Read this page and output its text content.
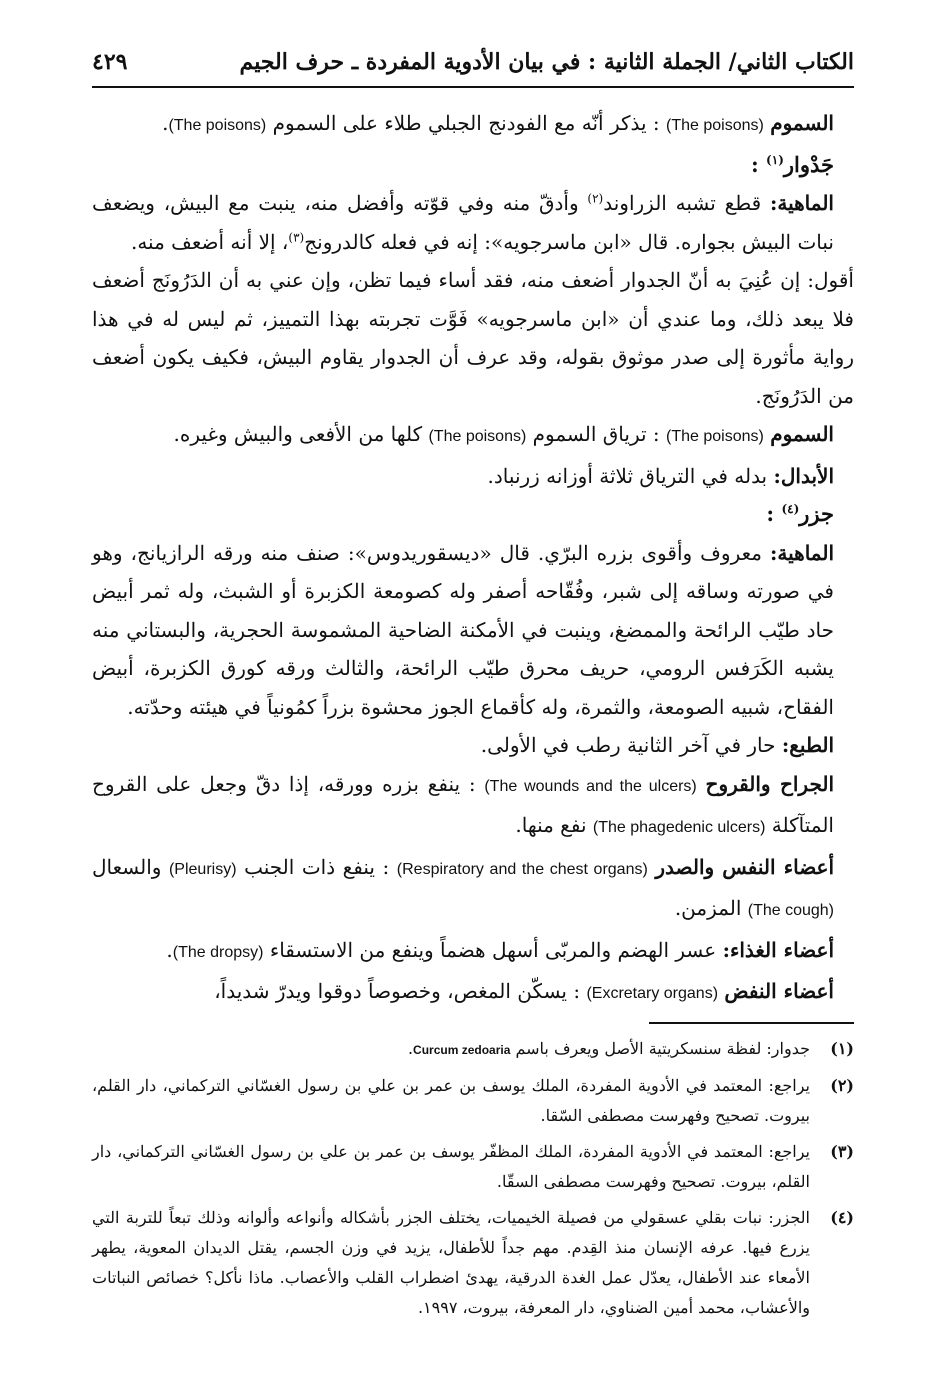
٤٢٩	الكتاب الثاني/ الجملة الثانية : في بيان الأدوية المفردة ـ حرف الجيم

السموم (The poisons) : يذكر أنّه مع الفودنج الجبلي طلاء على السموم (The poisons).

جَدْوار$^{(١)}$ :

الماهية: قطع تشبه الزراوند$^{(٢)}$ وأدقّ منه وفي قوّته وأفضل منه، ينبت مع البيش، ويضعف نبات البيش بجواره. قال «ابن ماسرجويه»: إنه في فعله كالدرونج$^{(٣)}$، إلا أنه أضعف منه.

أقول: إن عُنِيَ به أنّ الجدوار أضعف منه، فقد أساء فيما تظن، وإن عني به أن الدَرُونَج أضعف فلا يبعد ذلك، وما عندي أن «ابن ماسرجويه» فَوَّت تجربته بهذا التمييز، ثم ليس له في هذا رواية مأثورة إلى صدر موثوق بقوله، وقد عرف أن الجدوار يقاوم البيش، فكيف يكون أضعف من الدَرُونَج.

السموم (The poisons) : ترياق السموم (The poisons) كلها من الأفعى والبيش وغيره.

الأبدال: بدله في الترياق ثلاثة أوزانه زرنباد.

جزر$^{(٤)}$ :

الماهية: معروف وأقوى بزره البرّي. قال «ديسقوريدوس»: صنف منه ورقه الرازيانج، وهو في صورته وساقه إلى شبر، وفُقّاحه أصفر وله كصومعة الكزبرة أو الشبث، وله ثمر أبيض حاد طيّب الرائحة والممضغ، وينبت في الأمكنة الضاحية المشموسة الحجرية، والبستاني منه يشبه الكَرَفس الرومي، حريف محرق طيّب الرائحة، والثالث ورقه كورق الكزبرة، أبيض الفقاح، شبيه الصومعة، والثمرة، وله كأقماع الجوز محشوة بزراً كمُونياً في هيئته وحدّته.

الطبع: حار في آخر الثانية رطب في الأولى.

الجراح والقروح (The wounds and the ulcers) : ينفع بزره وورقه، إذا دقّ وجعل على القروح المتآكلة (The phagedenic ulcers) نفع منها.

أعضاء النفس والصدر (Respiratory and the chest organs) : ينفع ذات الجنب (Pleurisy) والسعال (The cough) المزمن.

أعضاء الغذاء: عسر الهضم والمربّى أسهل هضماً وينفع من الاستسقاء (The dropsy).

أعضاء النفض (Excretary organs) : يسكّن المغص، وخصوصاً دوقوا ويدرّ شديداً،

(١)
جدوار: لفظة سنسكريتية الأصل ويعرف باسم Curcum zedoaria.
(٢)
يراجع: المعتمد في الأدوية المفردة، الملك يوسف بن عمر بن علي بن رسول الغسّاني التركماني، دار القلم، بيروت. تصحيح وفهرست مصطفى السّقا.
(٣)
يراجع: المعتمد في الأدوية المفردة، الملك المظفّر يوسف بن عمر بن علي بن رسول الغسّاني التركماني، دار القلم، بيروت. تصحيح وفهرست مصطفى السقّا.
(٤)
الجزر: نبات بقلي عسقولي من فصيلة الخيميات، يختلف الجزر بأشكاله وأنواعه وألوانه وذلك تبعاً للتربة التي يزرع فيها. عرفه الإنسان منذ القِدم. مهم جداً للأطفال، يزيد في وزن الجسم، يقتل الديدان المعوية، يطهر الأمعاء عند الأطفال، يعدّل عمل الغدة الدرقية، يهدئ اضطراب القلب والأعصاب. ماذا نأكل؟ خصائص النباتات والأعشاب، محمد أمين الضناوي، دار المعرفة، بيروت، ١٩٩٧.
